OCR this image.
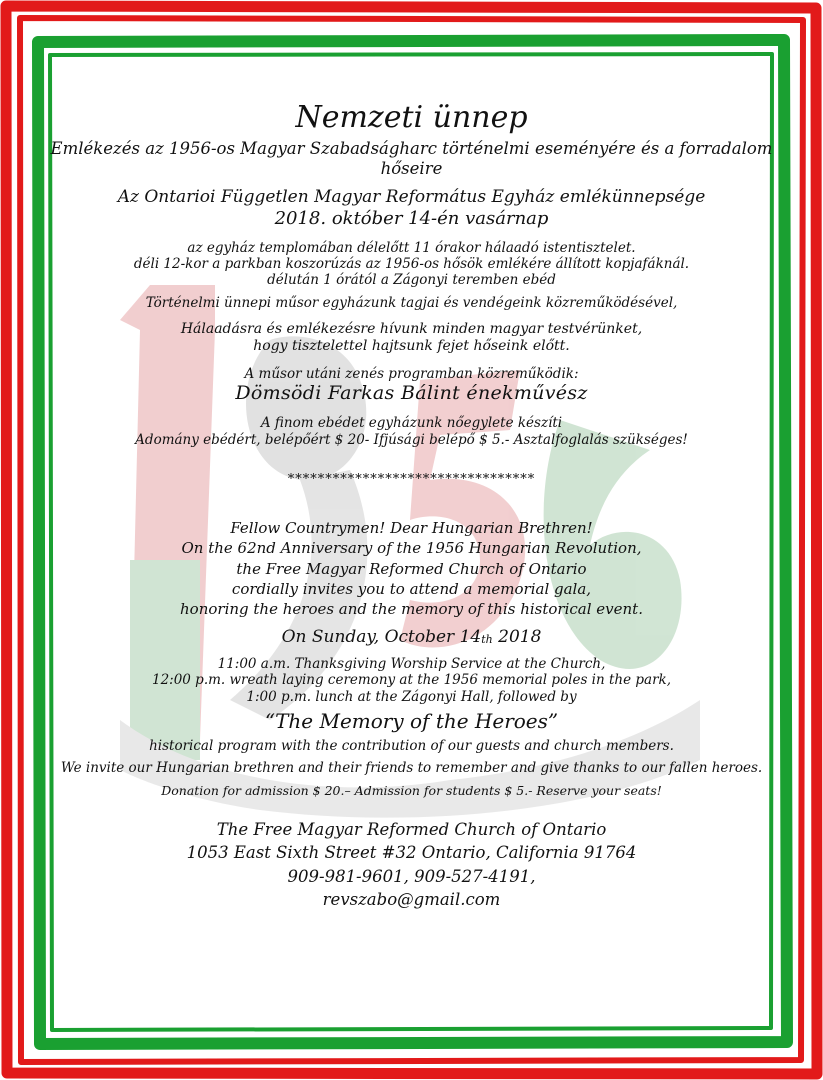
Nemzeti ünnep
Emlékezés az 1956-os Magyar Szabadságharc történelmi eseményére és a forradalom hőseire
Az Ontarioi Független Magyar Református Egyház emlékünnepsége
2018. október 14-én vasárnap
az egyház templomában délelőtt 11 órakor hálaadó istentisztelet.
déli 12-kor a parkban koszorúzás az 1956-os hősök emlékére állított kopjafáknál.
délután 1 órától a Zágonyi teremben ebéd
Történelmi ünnepi műsor egyházunk tagjai és vendégeink közreműködésével,
Hálaadásra és emlékezésre hívunk minden magyar testvérünket,
hogy tisztelettel hajtsunk fejet hőseink előtt.
A műsor utáni zenés programban közreműködik:
Dömsödi Farkas Bálint énekművész
A finom ebédet egyházunk nőegylete készíti
Adomány ebédért, belépőért $ 20- Ifjúsági belépő $ 5.- Asztalfoglalás szükséges!
*********************************
Fellow Countrymen! Dear Hungarian Brethren!
On the 62nd Anniversary of the 1956 Hungarian Revolution,
the Free Magyar Reformed Church of Ontario
cordially invites you to attend a memorial gala,
honoring the heroes and the memory of this historical event.
On Sunday, October $14_{th}$ 2018
11:00 a.m. Thanksgiving Worship Service at the Church,
12:00 p.m. wreath laying ceremony at the 1956 memorial poles in the park,
1:00 p.m. lunch at the Zágonyi Hall, followed by
“The Memory of the Heroes”
historical program with the contribution of our guests and church members.
We invite our Hungarian brethren and their friends to remember and give thanks to our fallen heroes.
Donation for admission $ 20.– Admission for students $ 5.- Reserve your seats!
The Free Magyar Reformed Church of Ontario
1053 East Sixth Street #32 Ontario, California 91764
909-981-9601, 909-527-4191,
revszabo@gmail.com
